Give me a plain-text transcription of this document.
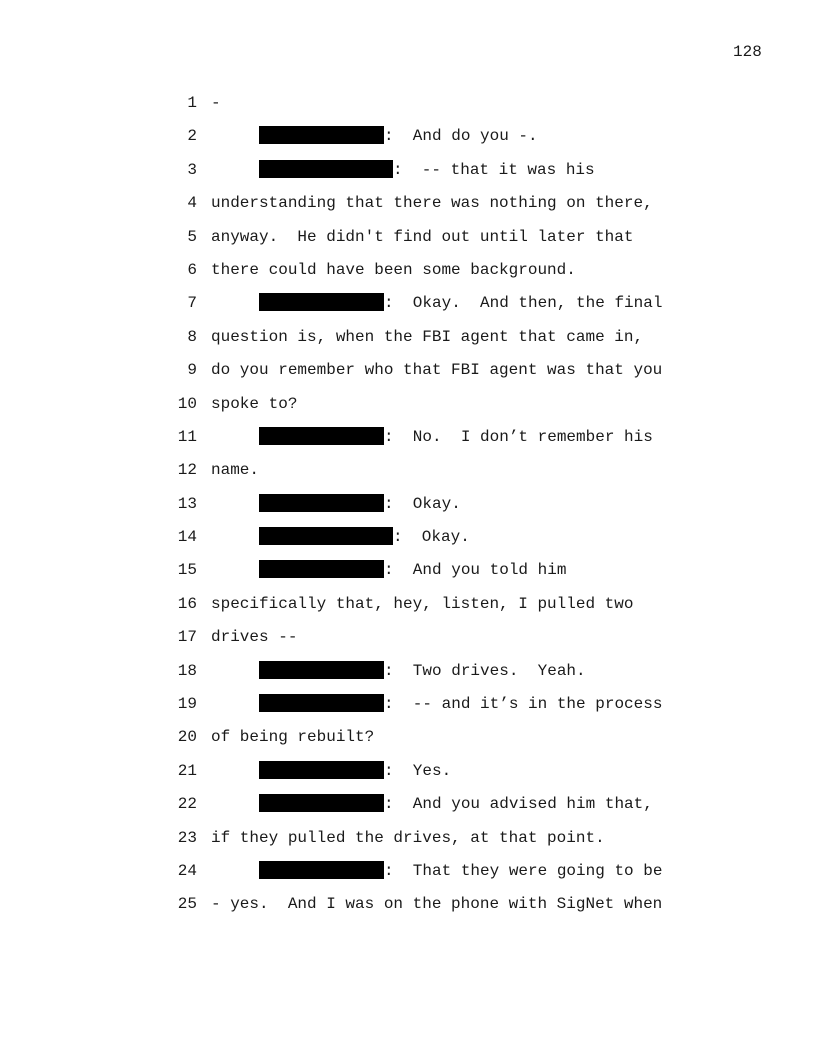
128

1

-

2

	:  And do you -.

3

	:  -- that it was his

4

understanding that there was nothing on there,

5

anyway.  He didn't find out until later that

6

there could have been some background.

7

	:  Okay.  And then, the final

8

question is, when the FBI agent that came in,

9

do you remember who that FBI agent was that you

10

spoke to?

11

	:  No.  I don’t remember his

12

name.

13

	:  Okay.

14

	:  Okay.

15

	:  And you told him

16

specifically that, hey, listen, I pulled two

17

drives --

18

	:  Two drives.  Yeah.

19

	:  -- and it’s in the process

20

of being rebuilt?

21

	:  Yes.

22

	:  And you advised him that,

23

if they pulled the drives, at that point.

24

	:  That they were going to be

25

- yes.  And I was on the phone with SigNet when
